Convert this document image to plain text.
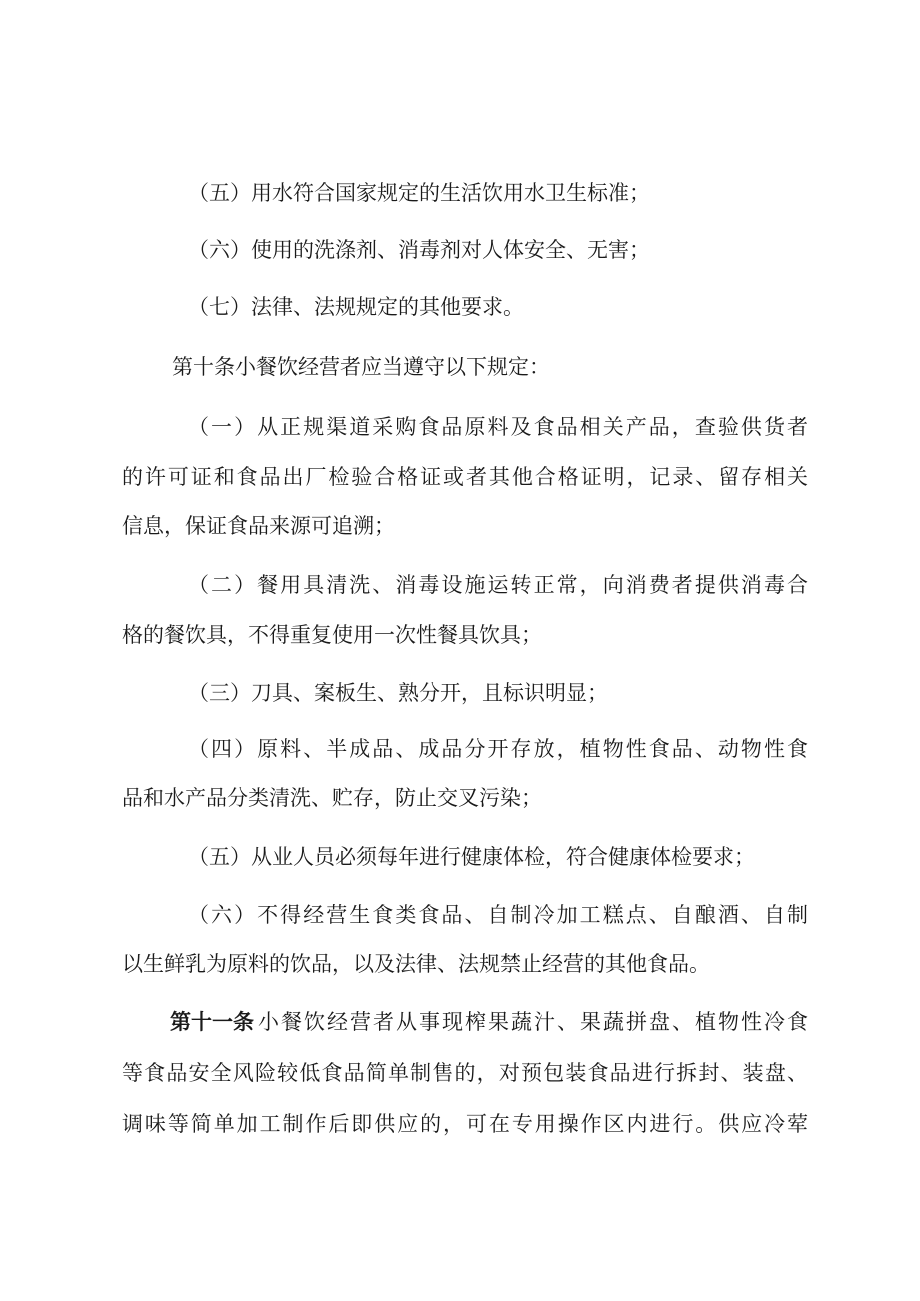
（五）用水符合国家规定的生活饮用水卫生标准；
（六）使用的洗涤剂、消毒剂对人体安全、无害；
（七）法律、法规规定的其他要求。
第十条小餐饮经营者应当遵守以下规定：
（一）从正规渠道采购食品原料及食品相关产品，查验供货者
的许可证和食品出厂检验合格证或者其他合格证明，记录、留存相关
信息，保证食品来源可追溯；
（二）餐用具清洗、消毒设施运转正常，向消费者提供消毒合
格的餐饮具，不得重复使用一次性餐具饮具；
（三）刀具、案板生、熟分开，且标识明显；
（四）原料、半成品、成品分开存放，植物性食品、动物性食
品和水产品分类清洗、贮存，防止交叉污染；
（五）从业人员必须每年进行健康体检，符合健康体检要求；
（六）不得经营生食类食品、自制冷加工糕点、自酿酒、自制
以生鲜乳为原料的饮品，以及法律、法规禁止经营的其他食品。
第十一条 小餐饮经营者从事现榨果蔬汁、果蔬拼盘、植物性冷食
等食品安全风险较低食品简单制售的，对预包装食品进行拆封、装盘、
调味等简单加工制作后即供应的，可在专用操作区内进行。供应冷荤
